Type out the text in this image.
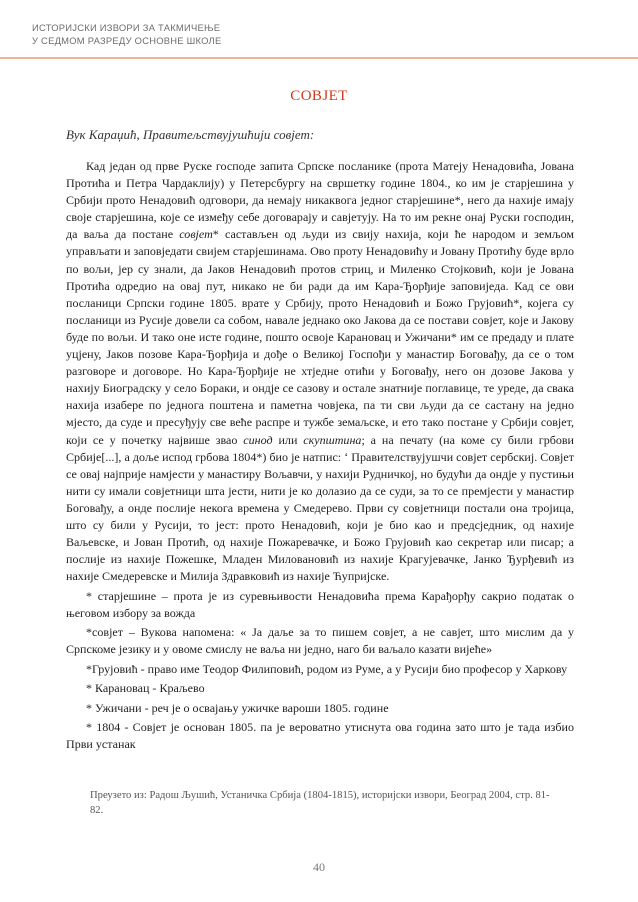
ИСТОРИЈСКИ ИЗВОРИ ЗА ТАКМИЧЕЊЕ
У СЕДМОМ РАЗРЕДУ ОСНОВНЕ ШКОЛЕ
СОВЈЕТ

Вук Караџић, Правитељствујушћији совјет:

Кад један од прве Руске господе запита Српске посланике (прота Матеју Ненадовића, Јована Протића и Петра Чардаклију) у Петерсбургу на свршетку године 1804., ко им је старјешина у Србији прото Ненадовић одговори, да немају никаквога једног старјешине*, него да нахије имају своје старјешина, које се између себе договарају и савјетују. На то им рекне онај Руски господин, да ваља да постане совјет* састављен од људи из свију нахија, који ће народом и земљом управљати и заповједати свијем старјешинама. Ово проту Ненадовићу и Јовану Протићу буде врло по вољи, јер су знали, да Јаков Ненадовић протов стриц, и Миленко Стојковић, који је Јована Протића одредио на овај пут, никако не би ради да им Кара-Ђорђије заповиједа. Кад се ови посланици Српски године 1805. врате у Србију, прото Ненадовић и Божо Грујовић*, којега су посланици из Русије довели са собом, навале једнако око Јакова да се постави совјет, које и Јакову буде по вољи. И тако оне исте године, пошто освоје Карановац и Ужичани* им се предаду и плате уцјену, Јаков позове Кара-Ђорђија и дође о Великој Госпођи у манастир Боговађу, да се о том разговоре и договоре. Но Кара-Ђорђије не хтједне отићи у Боговађу, него он дозове Јакова у нахију Биоградску у село Бораки, и ондје се сазову и остале знатније поглавице, те уреде, да свака нахија изабере по једнога поштена и паметна човјека, па ти сви људи да се састану на једно мјесто, да суде и пресуђују све веће распре и тужбе земаљске, и ето тако постане у Србији совјет, који се у почетку највише звао синод или скупштина; а на печату (на коме су били грбови Србије[...], а доље испод грбова 1804*) био је натпис: ‘ Правителствујушчи совјет сербскиј. Совјет се овај најприје намјести у манастиру Вољавчи, у нахији Рудничкој, но будући да ондје у пустињи нити су имали совјетници шта јести, нити је ко долазио да се суди, за то се премјести у манастир Боговађу, а онде послије некога времена у Смедерево. Први су совјетници постали она тројица, што су били у Русији, то јест: прото Ненадовић, који је био као и предсједник, од нахије Ваљевске, и Јован Протић, од нахије Пожаревачке, и Божо Грујовић као секретар или писар; а послије из нахије Пожешке, Младен Миловановић из нахије Крагујевачке, Јанко Ђурђевић из нахије Смедеревске и Милија Здравковић из нахије Ћупријске.

* старјешине – прота је из суревњивости Ненадовића према Карађорђу сакрио податак о његовом избору за вожда

*совјет – Вукова напомена: « Ја даље за то пишем совјет, а не савјет, што мислим да у Српскоме језику и у овоме смислу не ваља ни једно, наго би ваљало казати вијеће»

*Грујовић - право име Теодор Филиповић, родом из Руме, а у Русији био професор у Харкову

* Карановац - Краљево

* Ужичани - реч је о освајању ужичке вароши 1805. године

* 1804 - Совјет је основан 1805. па је вероватно утиснута ова година зато што је тада избио Први устанак

Преузето из: Радош Љушић, Устаничка Србија (1804-1815), историјски извори, Београд 2004, стр. 81-82.

40
